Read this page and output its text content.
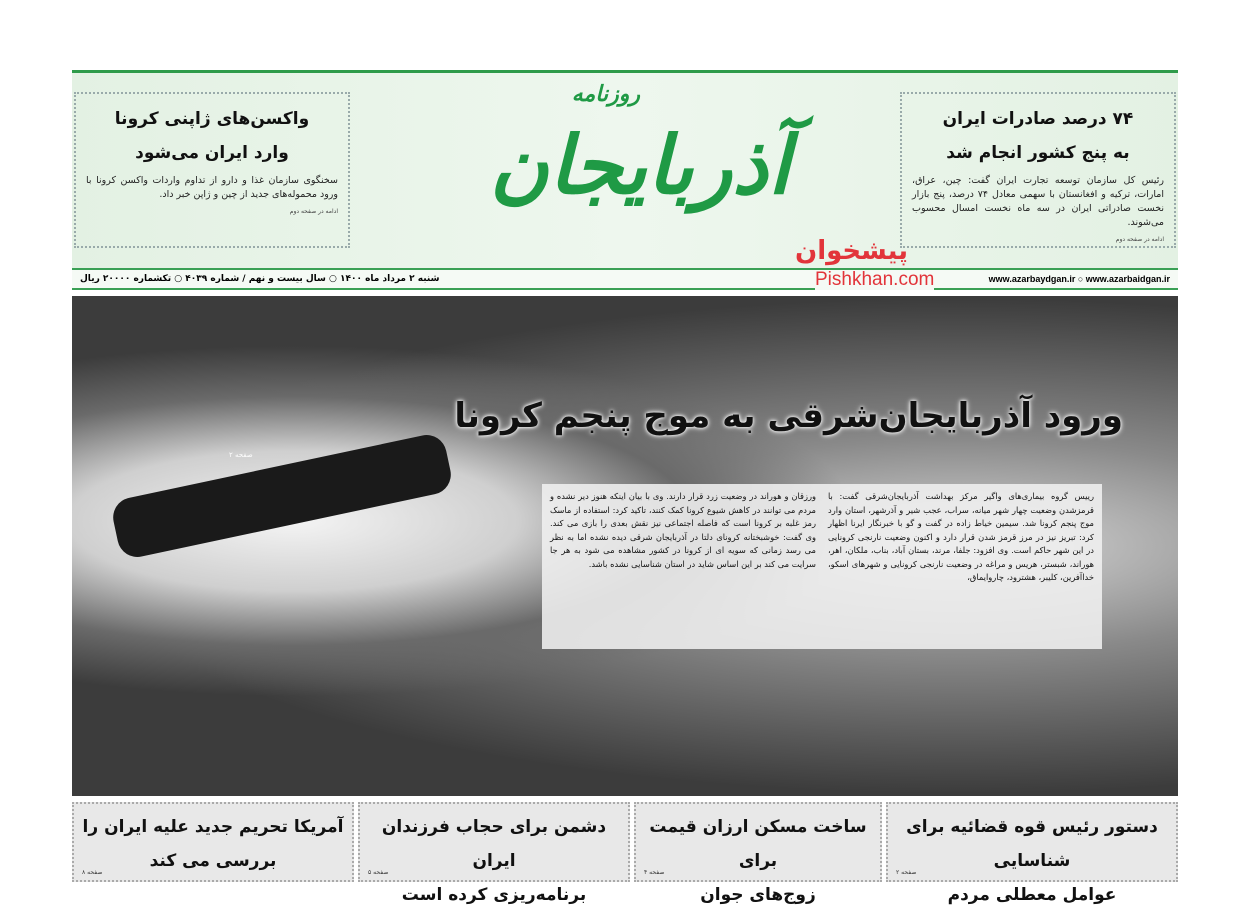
واکسن‌های ژاپنی کرونا
وارد ایران می‌شود

سخنگوی سازمان غذا و دارو از تداوم واردات واکسن کرونا با ورود محموله‌های جدید از چین و ژاپن خبر داد.

ادامه در صفحه دوم
۷۴ درصد صادرات ایران
به پنج کشور انجام شد

رئیس کل سازمان توسعه تجارت ایران گفت: چین، عراق، امارات، ترکیه و افغانستان با سهمی معادل ۷۴ درصد، پنج بازار نخست صادراتی ایران در سه ماه نخست امسال محسوب می‌شوند.

ادامه در صفحه دوم
روزنامه
آذربایجان
شنبه ۲ مرداد ماه ۱۴۰۰ ○ سال بیست و نهم / شماره ۴۰۳۹ ○ تکشماره ۲۰۰۰۰ ریال	www.azarbaydgan.ir ○ www.azarbaidgan.ir
پیشخوان
Pishkhan.com
صفحه ۲
ورود آذربایجان‌شرقی به موج پنجم کرونا

رییس گروه بیماری‌های واگیر مرکز بهداشت آذربایجان‌شرقی گفت: با قرمزشدن وضعیت چهار شهر میانه، سراب، عجب شیر و آذرشهر، استان وارد موج پنجم کرونا شد. سیمین خیاط زاده در گفت و گو با خبرنگار ایرنا اظهار کرد: تبریز نیز در مرز قرمز شدن قرار دارد و اکنون وضعیت نارنجی کرونایی در این شهر حاکم است. وی افزود: جلفا، مرند، بستان آباد، بناب، ملکان، اهر، هوراند، شبستر، هریس و مراغه در وضعیت نارنجی کرونایی و شهرهای اسکو، خداآفرین، کلیبر، هشترود، چاروایماق،

ورزقان و هوراند در وضعیت زرد قرار دارند. وی با بیان اینکه هنوز دیر نشده و مردم می توانند در کاهش شیوع کرونا کمک کنند، تاکید کرد: استفاده از ماسک رمز غلبه بر کرونا است که فاصله اجتماعی نیز نقش بعدی را بازی می کند. وی گفت: خوشبختانه کرونای دلتا در آذربایجان شرقی دیده نشده اما به نظر می رسد زمانی که سویه ای از کرونا در کشور مشاهده می شود به هر جا سرایت می کند بر این اساس شاید در استان شناسایی نشده باشد.

دستور رئیس قوه قضائیه برای شناسایی
عوامل معطلی مردم
صفحه ۲
ساخت مسکن ارزان قیمت برای
زوج‌های جوان
صفحه ۴
دشمن برای حجاب فرزندان ایران
برنامه‌ریزی کرده است
صفحه ۵
آمریکا تحریم جدید علیه ایران را
بررسی می کند
صفحه ۸
